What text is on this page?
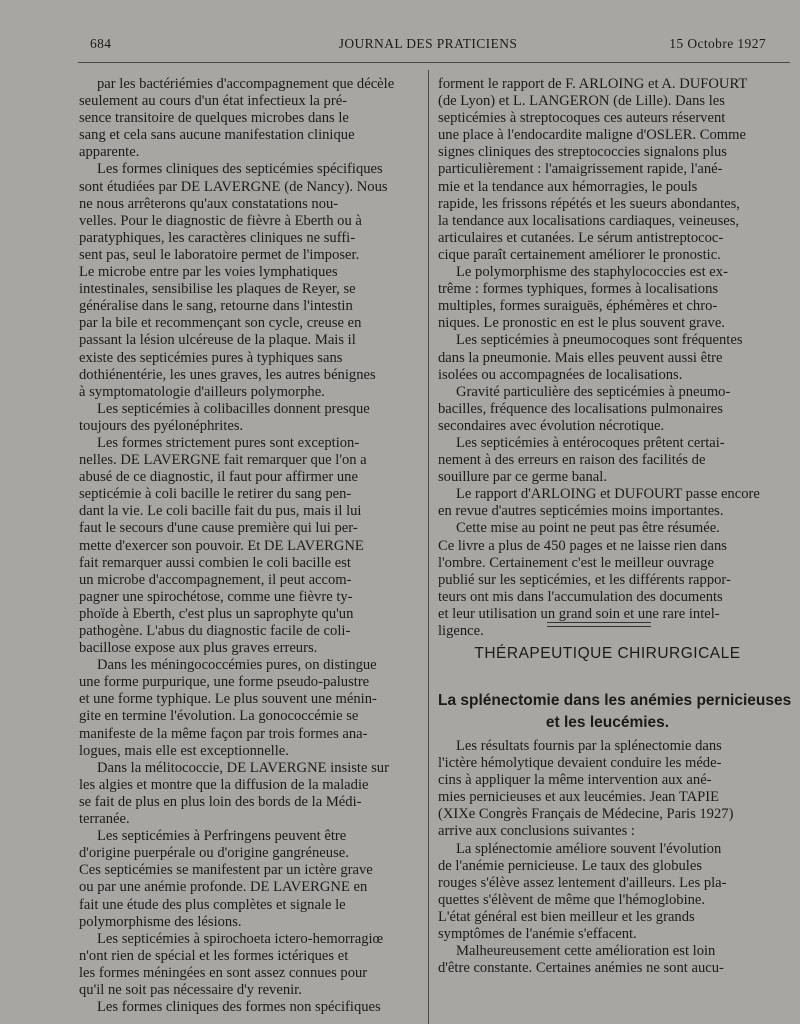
684	JOURNAL DES PRATICIENS	15 Octobre 1927

par les bactériémies d'accompagnement que décèle
seulement au cours d'un état infectieux la pré-
sence transitoire de quelques microbes dans le
sang et cela sans aucune manifestation clinique
apparente.

Les formes cliniques des septicémies spécifiques
sont étudiées par DE LAVERGNE (de Nancy). Nous
ne nous arrêterons qu'aux constatations nou-
velles. Pour le diagnostic de fièvre à Eberth ou à
paratyphiques, les caractères cliniques ne suffi-
sent pas, seul le laboratoire permet de l'imposer.
Le microbe entre par les voies lymphatiques
intestinales, sensibilise les plaques de Reyer, se
généralise dans le sang, retourne dans l'intestin
par la bile et recommençant son cycle, creuse en
passant la lésion ulcéreuse de la plaque. Mais il
existe des septicémies pures à typhiques sans
dothiénentérie, les unes graves, les autres bénignes
à symptomatologie d'ailleurs polymorphe.

Les septicémies à colibacilles donnent presque
toujours des pyélonéphrites.

Les formes strictement pures sont exception-
nelles. DE LAVERGNE fait remarquer que l'on a
abusé de ce diagnostic, il faut pour affirmer une
septicémie à coli bacille le retirer du sang pen-
dant la vie. Le coli bacille fait du pus, mais il lui
faut le secours d'une cause première qui lui per-
mette d'exercer son pouvoir. Et DE LAVERGNE
fait remarquer aussi combien le coli bacille est
un microbe d'accompagnement, il peut accom-
pagner une spirochétose, comme une fièvre ty-
phoïde à Eberth, c'est plus un saprophyte qu'un
pathogène. L'abus du diagnostic facile de coli-
bacillose expose aux plus graves erreurs.

Dans les méningococcémies pures, on distingue
une forme purpurique, une forme pseudo-palustre
et une forme typhique. Le plus souvent une ménin-
gite en termine l'évolution. La gonococcémie se
manifeste de la même façon par trois formes ana-
logues, mais elle est exceptionnelle.

Dans la mélitococcie, DE LAVERGNE insiste sur
les algies et montre que la diffusion de la maladie
se fait de plus en plus loin des bords de la Médi-
terranée.

Les septicémies à Perfringens peuvent être
d'origine puerpérale ou d'origine gangréneuse.
Ces septicémies se manifestent par un ictère grave
ou par une anémie profonde. DE LAVERGNE en
fait une étude des plus complètes et signale le
polymorphisme des lésions.

Les septicémies à spirochoeta ictero-hemorragiœ
n'ont rien de spécial et les formes ictériques et
les formes méningées en sont assez connues pour
qu'il ne soit pas nécessaire d'y revenir.

Les formes cliniques des formes non spécifiques

forment le rapport de F. ARLOING et A. DUFOURT
(de Lyon) et L. LANGERON (de Lille). Dans les
septicémies à streptocoques ces auteurs réservent
une place à l'endocardite maligne d'OSLER. Comme
signes cliniques des streptococcies signalons plus
particulièrement : l'amaigrissement rapide, l'ané-
mie et la tendance aux hémorragies, le pouls
rapide, les frissons répétés et les sueurs abondantes,
la tendance aux localisations cardiaques, veineuses,
articulaires et cutanées. Le sérum antistreptococ-
cique paraît certainement améliorer le pronostic.

Le polymorphisme des staphylococcies est ex-
trême : formes typhiques, formes à localisations
multiples, formes suraiguës, éphémères et chro-
niques. Le pronostic en est le plus souvent grave.

Les septicémies à pneumocoques sont fréquentes
dans la pneumonie. Mais elles peuvent aussi être
isolées ou accompagnées de localisations.

Gravité particulière des septicémies à pneumo-
bacilles, fréquence des localisations pulmonaires
secondaires avec évolution nécrotique.

Les septicémies à entérocoques prêtent certai-
nement à des erreurs en raison des facilités de
souillure par ce germe banal.

Le rapport d'ARLOING et DUFOURT passe encore
en revue d'autres septicémies moins importantes.

Cette mise au point ne peut pas être résumée.
Ce livre a plus de 450 pages et ne laisse rien dans
l'ombre. Certainement c'est le meilleur ouvrage
publié sur les septicémies, et les différents rappor-
teurs ont mis dans l'accumulation des documents
et leur utilisation un grand soin et une rare intel-
ligence.

THÉRAPEUTIQUE CHIRURGICALE
La splénectomie dans les anémies pernicieuses
et les leucémies.

Les résultats fournis par la splénectomie dans
l'ictère hémolytique devaient conduire les méde-
cins à appliquer la même intervention aux ané-
mies pernicieuses et aux leucémies. Jean TAPIE
(XIXe Congrès Français de Médecine, Paris 1927)
arrive aux conclusions suivantes :

La splénectomie améliore souvent l'évolution
de l'anémie pernicieuse. Le taux des globules
rouges s'élève assez lentement d'ailleurs. Les pla-
quettes s'élèvent de même que l'hémoglobine.
L'état général est bien meilleur et les grands
symptômes de l'anémie s'effacent.

Malheureusement cette amélioration est loin
d'être constante. Certaines anémies ne sont aucu-
